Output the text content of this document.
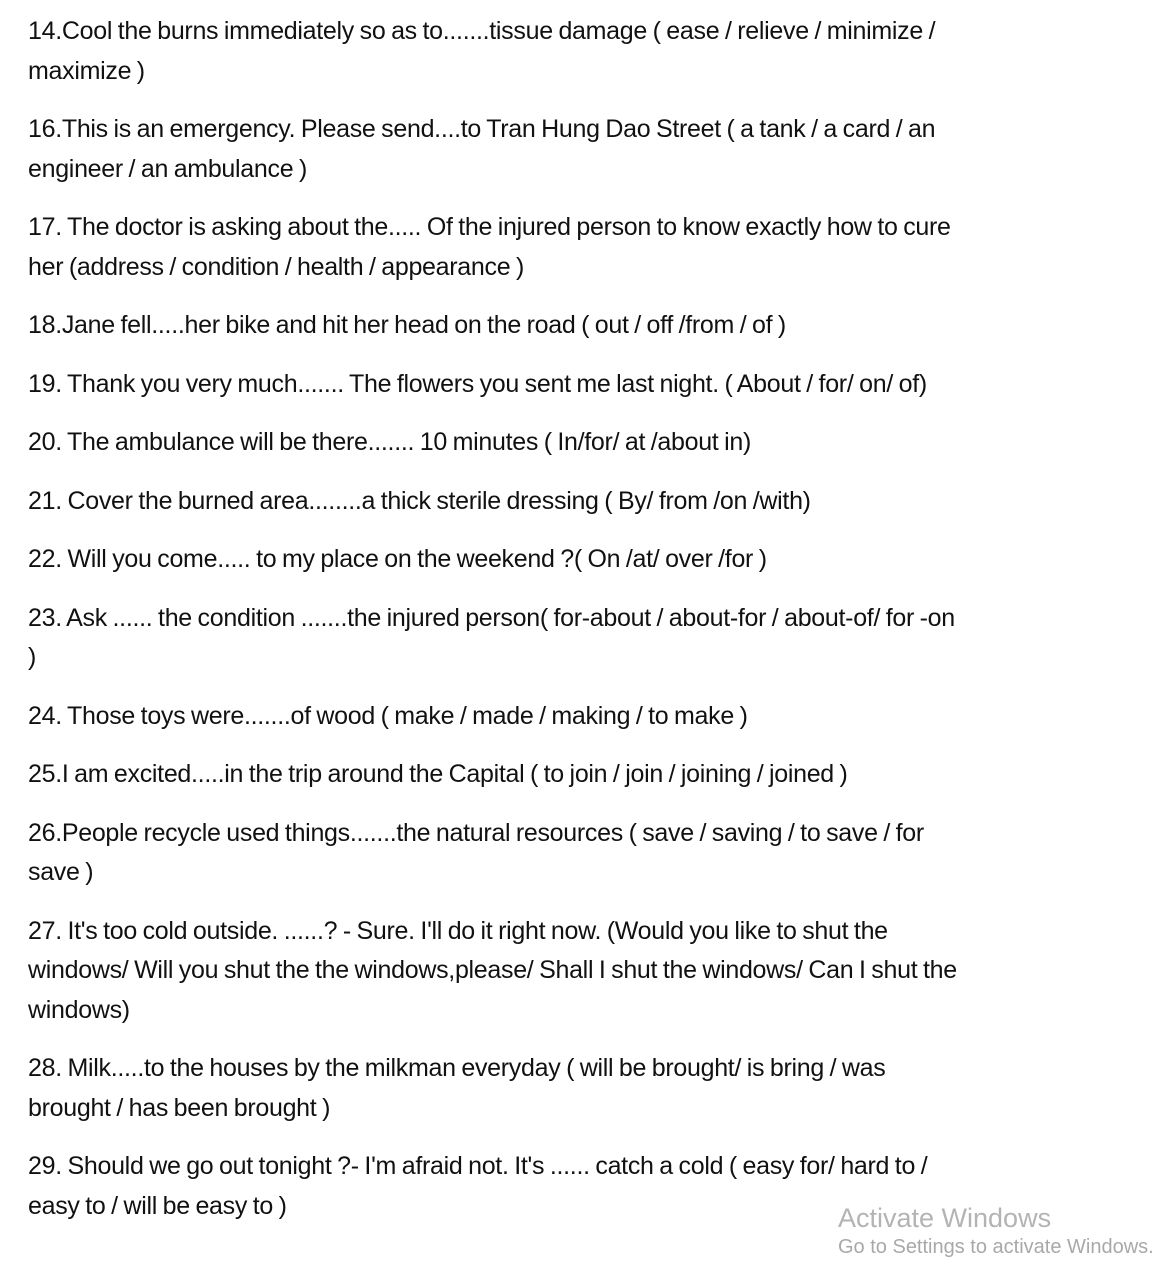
14.Cool the burns immediately so as to.......tissue damage ( ease / relieve / minimize / maximize )

16.This is an emergency. Please send....to Tran Hung Dao Street ( a tank / a card / an engineer / an ambulance )

17. The doctor is asking about the..... Of the injured person to know exactly how to cure her (address / condition / health / appearance )

18.Jane fell.....her bike and hit her head on the road ( out / off /from / of )

19. Thank you very much....... The flowers you sent me last night. ( About / for/ on/ of)

20. The ambulance will be there....... 10 minutes ( In/for/ at /about in)

21. Cover the burned area........a thick sterile dressing ( By/ from /on /with)

22. Will you come..... to my place on the weekend ?( On /at/ over /for )

23. Ask ...... the condition .......the injured person( for-about / about-for / about-of/ for -on )

24. Those toys were.......of wood ( make / made / making / to make )

25.I am excited.....in the trip around the Capital ( to join / join / joining / joined )

26.People recycle used things.......the natural resources ( save / saving / to save / for save )

27. It's too cold outside. ......? - Sure. I'll do it right now. (Would you like to shut the windows/ Will you shut the the windows,please/ Shall I shut the windows/ Can I shut the windows)

28. Milk.....to the houses by the milkman everyday ( will be brought/ is bring / was brought / has been brought )

29. Should we go out tonight ?- I'm afraid not. It's ...... catch a cold ( easy for/ hard to / easy to / will be easy to )	Activate Windows
Go to Settings to activate Windows.
